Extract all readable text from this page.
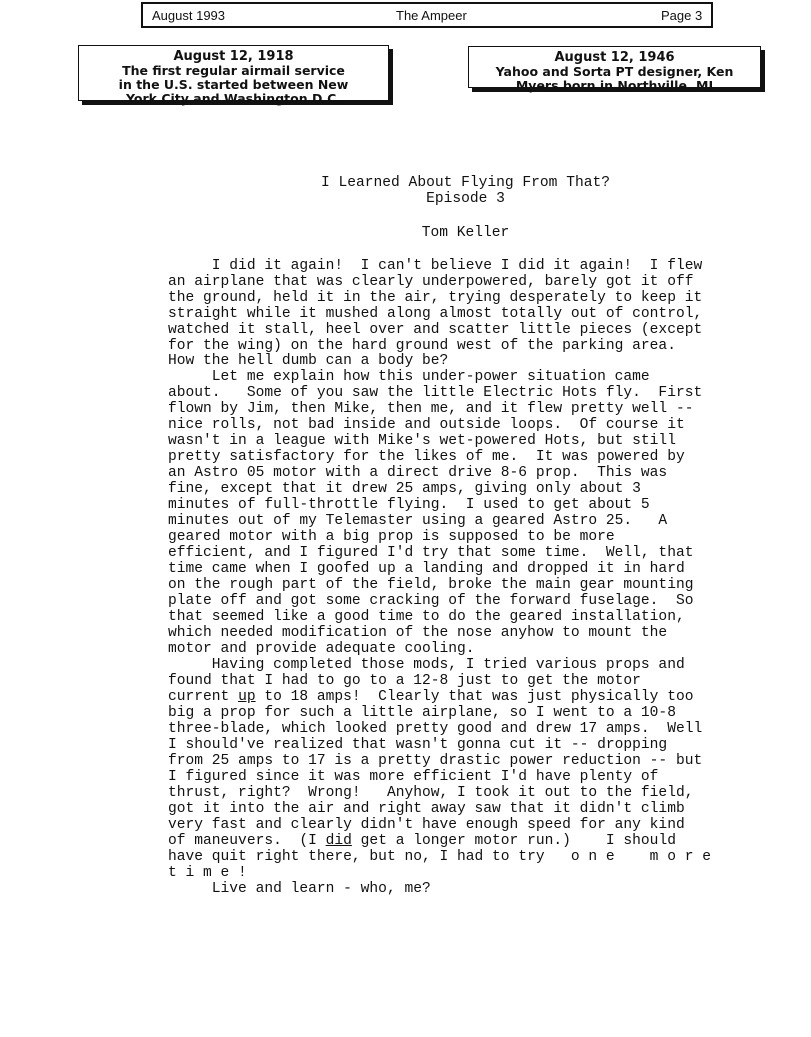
August 1993	The Ampeer	Page 3
August 12, 1918
The first regular airmail service
in the U.S. started between New
York City and Washington D.C.
August 12, 1946
Yahoo and Sorta PT designer, Ken
Myers born in Northville, MI
I Learned About Flying From That?
Episode 3
Tom Keller
I did it again!  I can't believe I did it again!  I flew
an airplane that was clearly underpowered, barely got it off
the ground, held it in the air, trying desperately to keep it
straight while it mushed along almost totally out of control,
watched it stall, heel over and scatter little pieces (except
for the wing) on the hard ground west of the parking area.
How the hell dumb can a body be?
Let me explain how this under-power situation came
about.   Some of you saw the little Electric Hots fly.  First
flown by Jim, then Mike, then me, and it flew pretty well --
nice rolls, not bad inside and outside loops.  Of course it
wasn't in a league with Mike's wet-powered Hots, but still
pretty satisfactory for the likes of me.  It was powered by
an Astro 05 motor with a direct drive 8-6 prop.  This was
fine, except that it drew 25 amps, giving only about 3
minutes of full-throttle flying.  I used to get about 5
minutes out of my Telemaster using a geared Astro 25.   A
geared motor with a big prop is supposed to be more
efficient, and I figured I'd try that some time.  Well, that
time came when I goofed up a landing and dropped it in hard
on the rough part of the field, broke the main gear mounting
plate off and got some cracking of the forward fuselage.  So
that seemed like a good time to do the geared installation,
which needed modification of the nose anyhow to mount the
motor and provide adequate cooling.
Having completed those mods, I tried various props and
found that I had to go to a 12-8 just to get the motor
current up to 18 amps!  Clearly that was just physically too
big a prop for such a little airplane, so I went to a 10-8
three-blade, which looked pretty good and drew 17 amps.  Well
I should've realized that wasn't gonna cut it -- dropping
from 25 amps to 17 is a pretty drastic power reduction -- but
I figured since it was more efficient I'd have plenty of
thrust, right?  Wrong!   Anyhow, I took it out to the field,
got it into the air and right away saw that it didn't climb
very fast and clearly didn't have enough speed for any kind
of maneuvers.  (I did get a longer motor run.)    I should
have quit right there, but no, I had to try   o n e    m o r e
t i m e !
Live and learn - who, me?
